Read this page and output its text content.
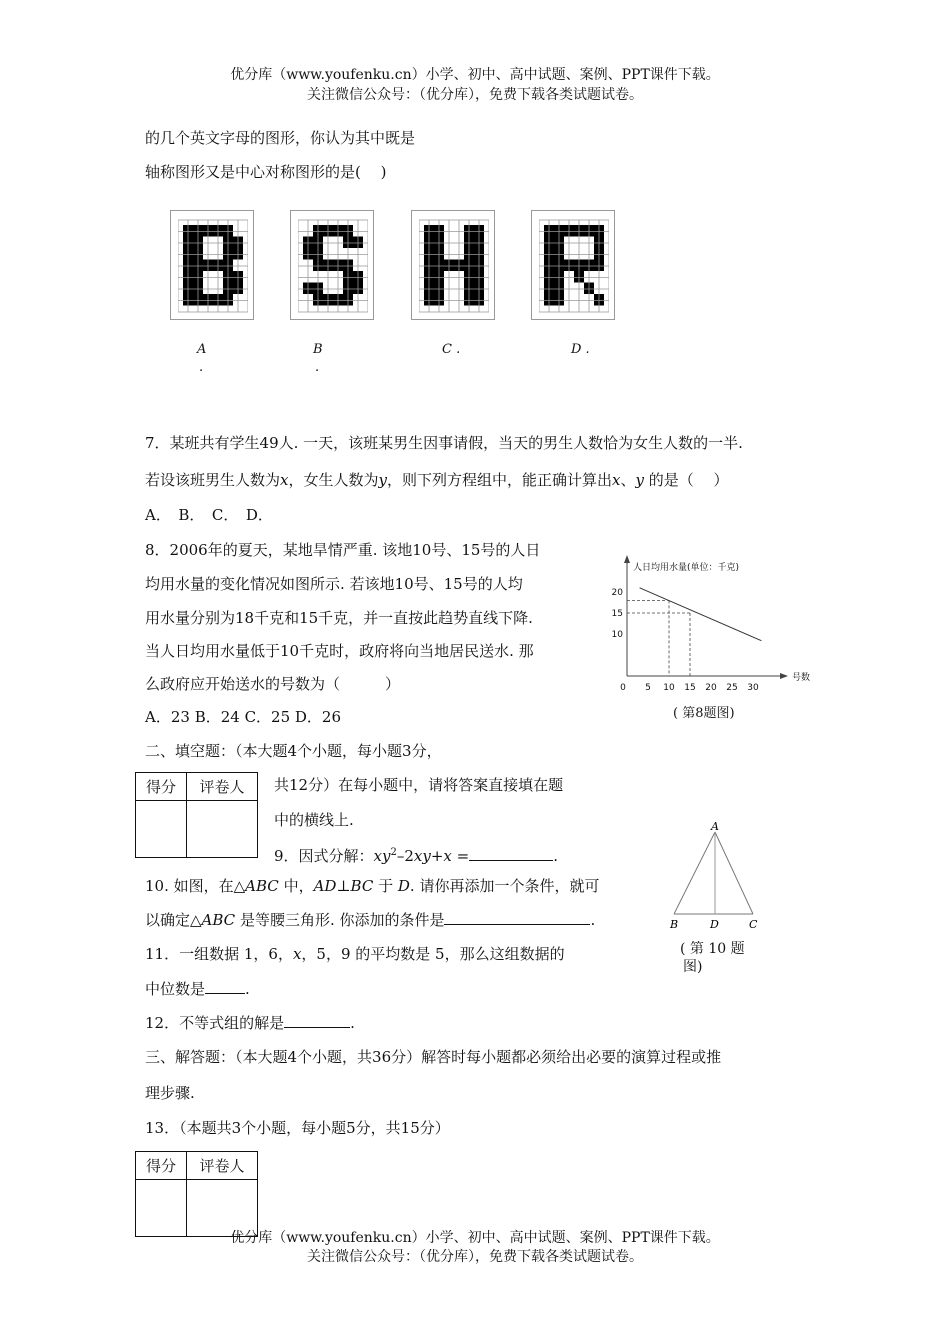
优分库（www.youfenku.cn）小学、初中、高中试题、案例、PPT课件下载。
关注微信公众号：（优分库），免费下载各类试题试卷。
的几个英文字母的图形，你认为其中既是
轴称图形又是中心对称图形的是(　 )
A
.
B
.
C .	D .
7．某班共有学生49人. 一天，该班某男生因事请假，当天的男生人数恰为女生人数的一半.
若设该班男生人数为x，女生人数为y，则下列方程组中，能正确计算出x、y 的是（　 ）
A．　B．　C．　D．
8．2006年的夏天，某地旱情严重. 该地10号、15号的人日
均用水量的变化情况如图所示. 若该地10号、15号的人均
用水量分别为18千克和15千克，并一直按此趋势直线下降.
当人日均用水量低于10千克时，政府将向当地居民送水. 那
么政府应开始送水的号数为（　　　）
A．23 B．24 C．25 D．26
人日均用水量(单位：千克)
号数
0 5 10 15 20 25 30
10
15
20
( 第8题图)
二、填空题：（本大题4个小题，每小题3分，
得分	评卷人
	共12分）在每小题中，请将答案直接填在题
中的横线上.
9．因式分解：$xy^2-2xy+x$ =	.
A
B	D	C
( 第 10 题
图)
10. 如图，在△ABC 中，AD⊥BC 于 D. 请你再添加一个条件，就可
以确定△ABC 是等腰三角形. 你添加的条件是	.
11．一组数据 1，6，x，5，9 的平均数是 5，那么这组数据的
中位数是	.
12．不等式组的解是	.
三、解答题：（本大题4个小题，共36分）解答时每小题都必须给出必要的演算过程或推
理步骤.
13．（本题共3个小题，每小题5分，共15分）
得分	评卷人

优分库（www.youfenku.cn）小学、初中、高中试题、案例、PPT课件下载。
关注微信公众号：（优分库），免费下载各类试题试卷。
